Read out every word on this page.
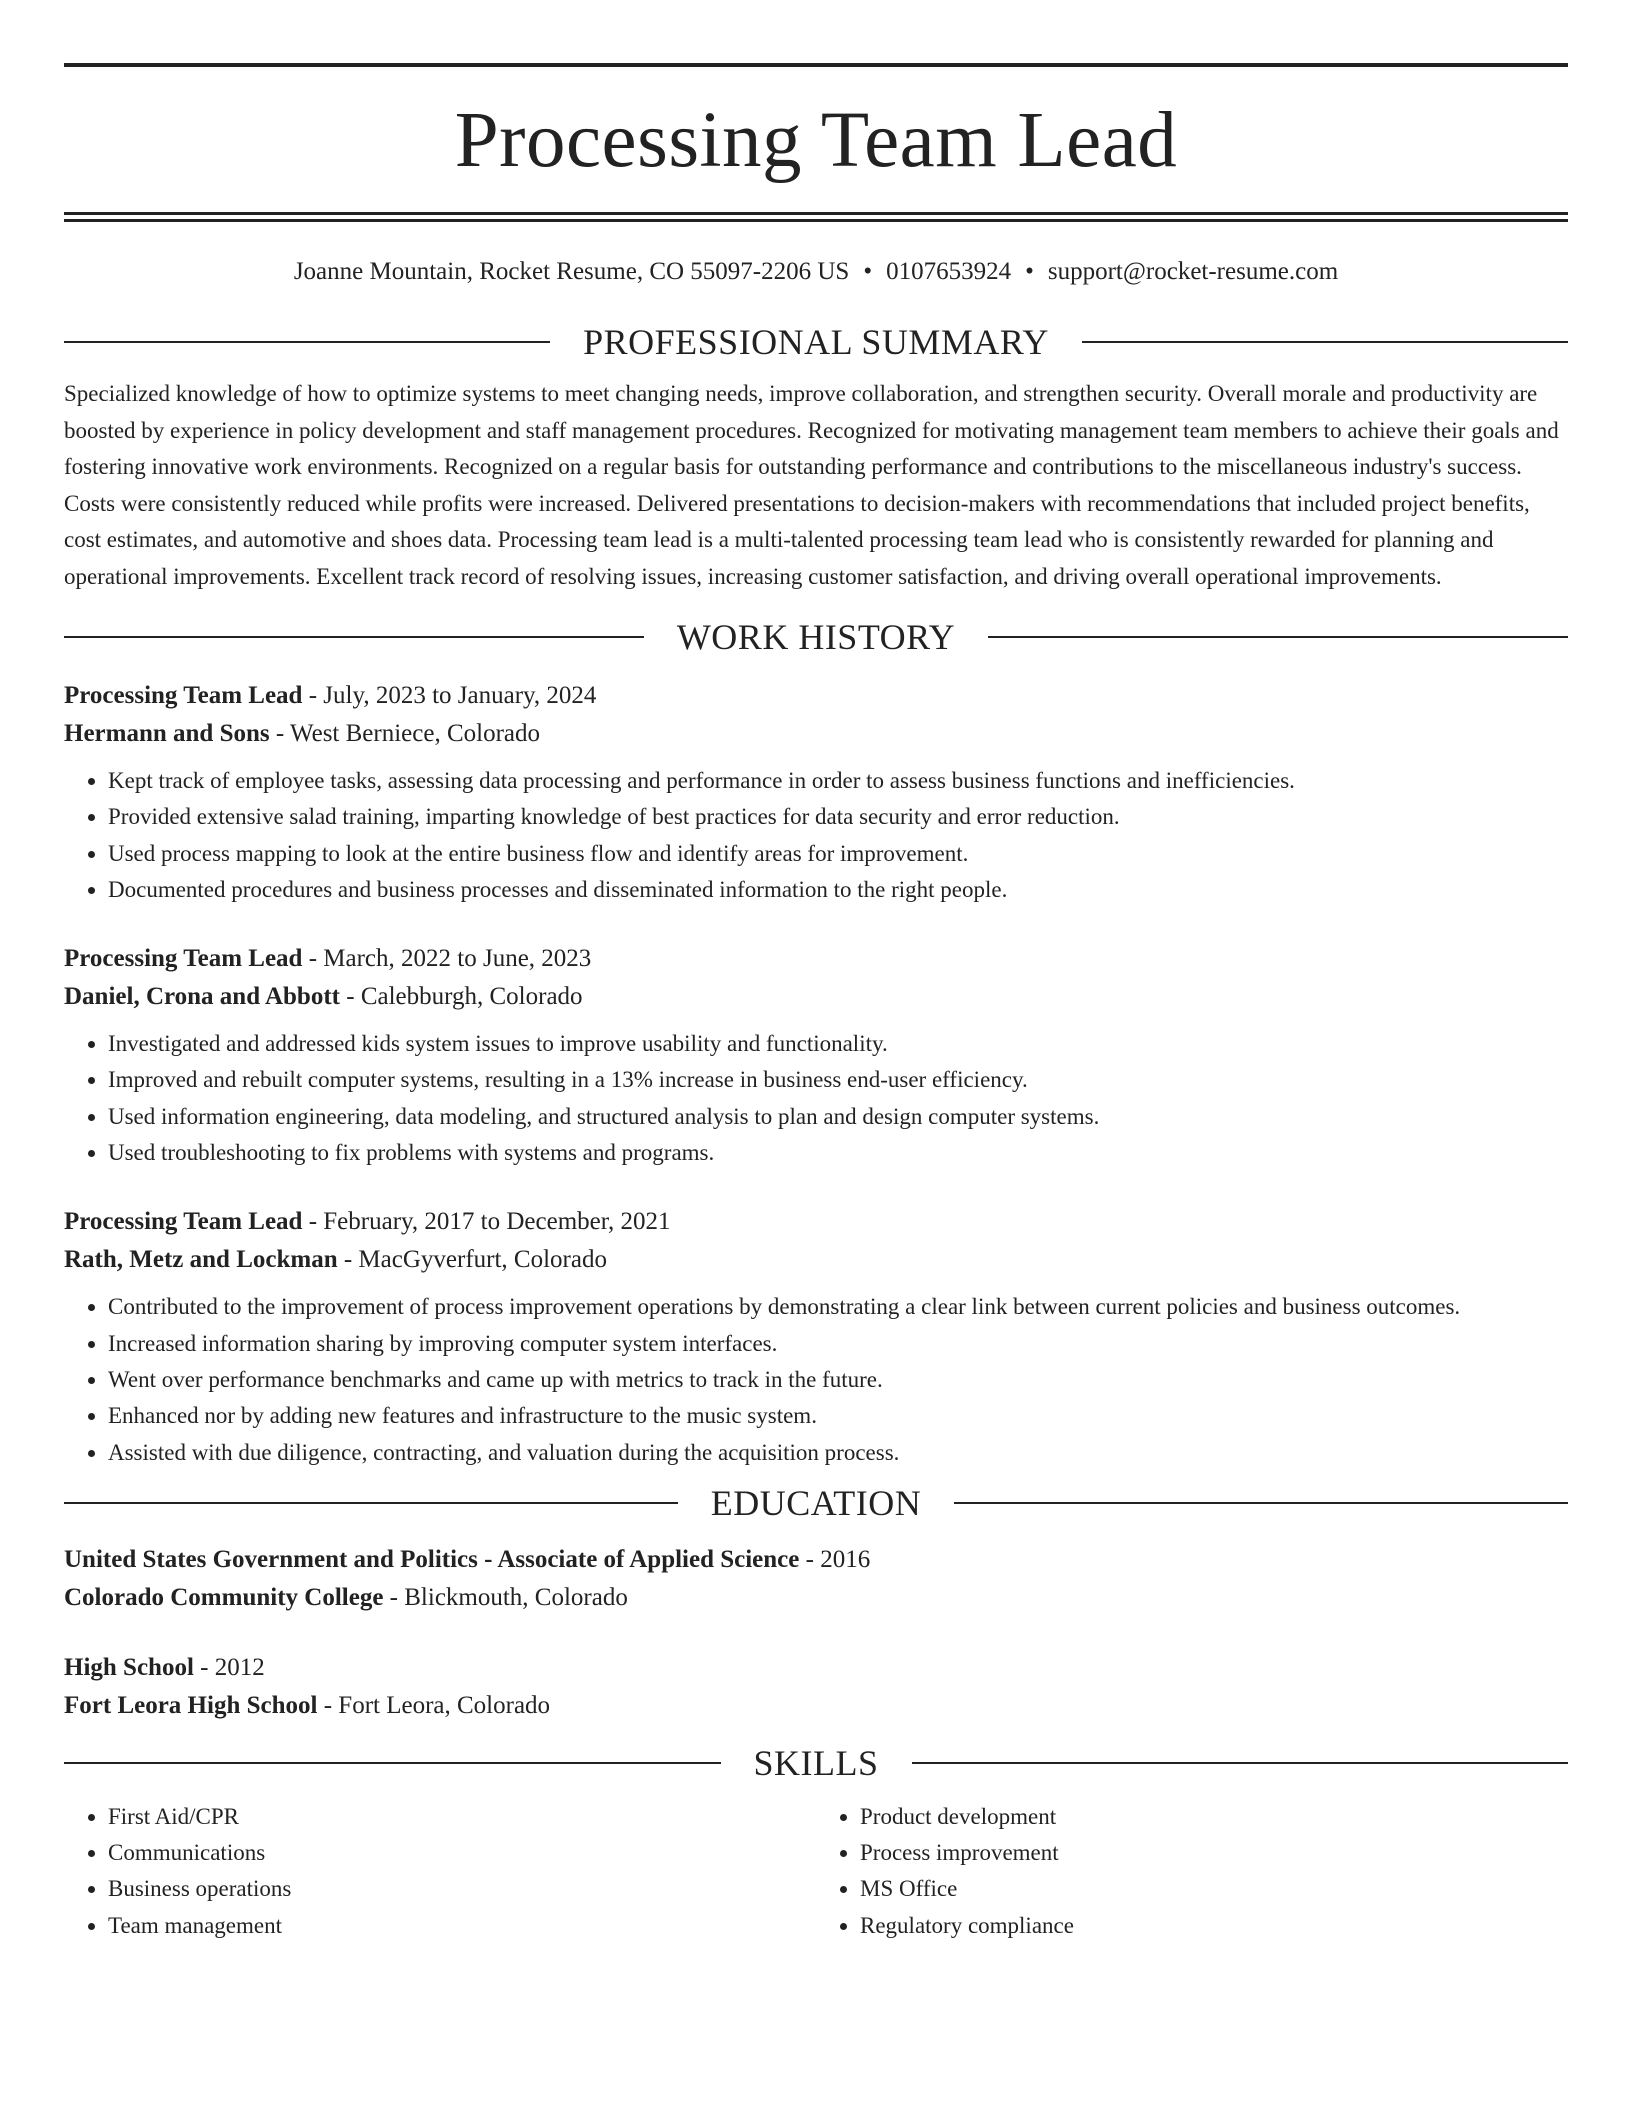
Processing Team Lead
Joanne Mountain, Rocket Resume, CO 55097-2206 US • 0107653924 • support@rocket-resume.com
PROFESSIONAL SUMMARY

Specialized knowledge of how to optimize systems to meet changing needs, improve collaboration, and strengthen security. Overall morale and productivity are boosted by experience in policy development and staff management procedures. Recognized for motivating management team members to achieve their goals and fostering innovative work environments. Recognized on a regular basis for outstanding performance and contributions to the miscellaneous industry's success. Costs were consistently reduced while profits were increased. Delivered presentations to decision-makers with recommendations that included project benefits, cost estimates, and automotive and shoes data. Processing team lead is a multi-talented processing team lead who is consistently rewarded for planning and operational improvements. Excellent track record of resolving issues, increasing customer satisfaction, and driving overall operational improvements.

WORK HISTORY
Processing Team Lead - July, 2023 to January, 2024
Hermann and Sons - West Berniece, Colorado
• Kept track of employee tasks, assessing data processing and performance in order to assess business functions and inefficiencies.
• Provided extensive salad training, imparting knowledge of best practices for data security and error reduction.
• Used process mapping to look at the entire business flow and identify areas for improvement.
• Documented procedures and business processes and disseminated information to the right people.
Processing Team Lead - March, 2022 to June, 2023
Daniel, Crona and Abbott - Calebburgh, Colorado
• Investigated and addressed kids system issues to improve usability and functionality.
• Improved and rebuilt computer systems, resulting in a 13% increase in business end-user efficiency.
• Used information engineering, data modeling, and structured analysis to plan and design computer systems.
• Used troubleshooting to fix problems with systems and programs.
Processing Team Lead - February, 2017 to December, 2021
Rath, Metz and Lockman - MacGyverfurt, Colorado
• Contributed to the improvement of process improvement operations by demonstrating a clear link between current policies and business outcomes.
• Increased information sharing by improving computer system interfaces.
• Went over performance benchmarks and came up with metrics to track in the future.
• Enhanced nor by adding new features and infrastructure to the music system.
• Assisted with due diligence, contracting, and valuation during the acquisition process.
EDUCATION
United States Government and Politics - Associate of Applied Science - 2016
Colorado Community College - Blickmouth, Colorado
High School - 2012
Fort Leora High School - Fort Leora, Colorado
SKILLS
• First Aid/CPR
• Communications
• Business operations
• Team management
• Product development
• Process improvement
• MS Office
• Regulatory compliance
